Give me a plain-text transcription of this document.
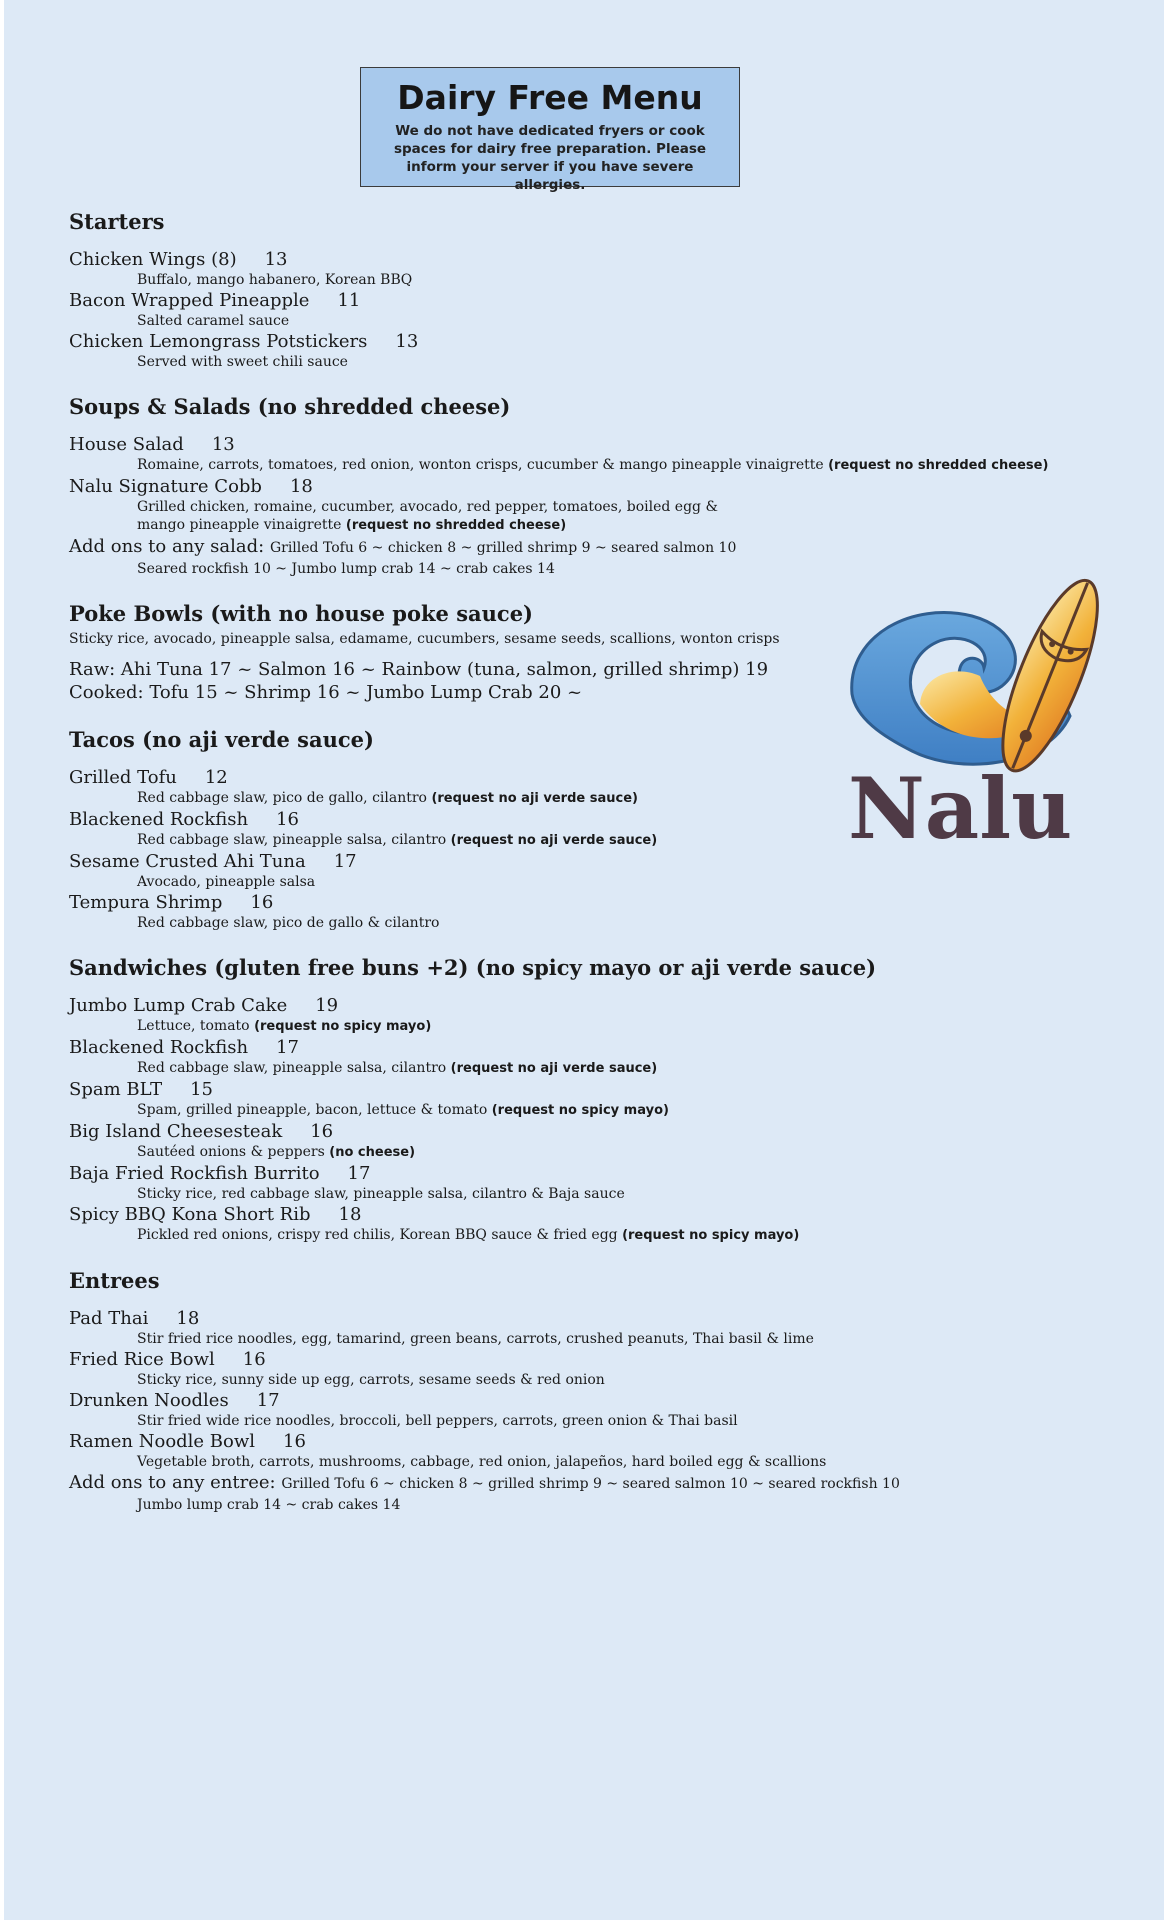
Dairy Free Menu
We do not have dedicated fryers or cook spaces for dairy free preparation. Please inform your server if you have severe allergies.
Starters
Chicken Wings (8) 13
Buffalo, mango habanero, Korean BBQ
Bacon Wrapped Pineapple 11
Salted caramel sauce
Chicken Lemongrass Potstickers 13
Served with sweet chili sauce
Soups & Salads (no shredded cheese)
House Salad 13
Romaine, carrots, tomatoes, red onion, wonton crisps, cucumber & mango pineapple vinaigrette (request no shredded cheese)
Nalu Signature Cobb 18
Grilled chicken, romaine, cucumber, avocado, red pepper, tomatoes, boiled egg &
mango pineapple vinaigrette (request no shredded cheese)
Add ons to any salad: Grilled Tofu 6 ~ chicken 8 ~ grilled shrimp 9 ~ seared salmon 10
Seared rockfish 10 ~ Jumbo lump crab 14 ~ crab cakes 14
Poke Bowls (with no house poke sauce)
Sticky rice, avocado, pineapple salsa, edamame, cucumbers, sesame seeds, scallions, wonton crisps
Raw: Ahi Tuna 17 ~ Salmon 16 ~ Rainbow (tuna, salmon, grilled shrimp) 19
Cooked: Tofu 15 ~ Shrimp 16 ~ Jumbo Lump Crab 20 ~
Tacos (no aji verde sauce)
Grilled Tofu 12
Red cabbage slaw, pico de gallo, cilantro (request no aji verde sauce)
Blackened Rockfish 16
Red cabbage slaw, pineapple salsa, cilantro (request no aji verde sauce)
Sesame Crusted Ahi Tuna 17
Avocado, pineapple salsa
Tempura Shrimp 16
Red cabbage slaw, pico de gallo & cilantro
Sandwiches (gluten free buns +2) (no spicy mayo or aji verde sauce)
Jumbo Lump Crab Cake 19
Lettuce, tomato (request no spicy mayo)
Blackened Rockfish 17
Red cabbage slaw, pineapple salsa, cilantro (request no aji verde sauce)
Spam BLT 15
Spam, grilled pineapple, bacon, lettuce & tomato (request no spicy mayo)
Big Island Cheesesteak 16
Sautéed onions & peppers (no cheese)
Baja Fried Rockfish Burrito 17
Sticky rice, red cabbage slaw, pineapple salsa, cilantro & Baja sauce
Spicy BBQ Kona Short Rib 18
Pickled red onions, crispy red chilis, Korean BBQ sauce & fried egg (request no spicy mayo)
Entrees
Pad Thai 18
Stir fried rice noodles, egg, tamarind, green beans, carrots, crushed peanuts, Thai basil & lime
Fried Rice Bowl 16
Sticky rice, sunny side up egg, carrots, sesame seeds & red onion
Drunken Noodles 17
Stir fried wide rice noodles, broccoli, bell peppers, carrots, green onion & Thai basil
Ramen Noodle Bowl 16
Vegetable broth, carrots, mushrooms, cabbage, red onion, jalapeños, hard boiled egg & scallions
Add ons to any entree: Grilled Tofu 6 ~ chicken 8 ~ grilled shrimp 9 ~ seared salmon 10 ~ seared rockfish 10
Jumbo lump crab 14 ~ crab cakes 14
Nalu
